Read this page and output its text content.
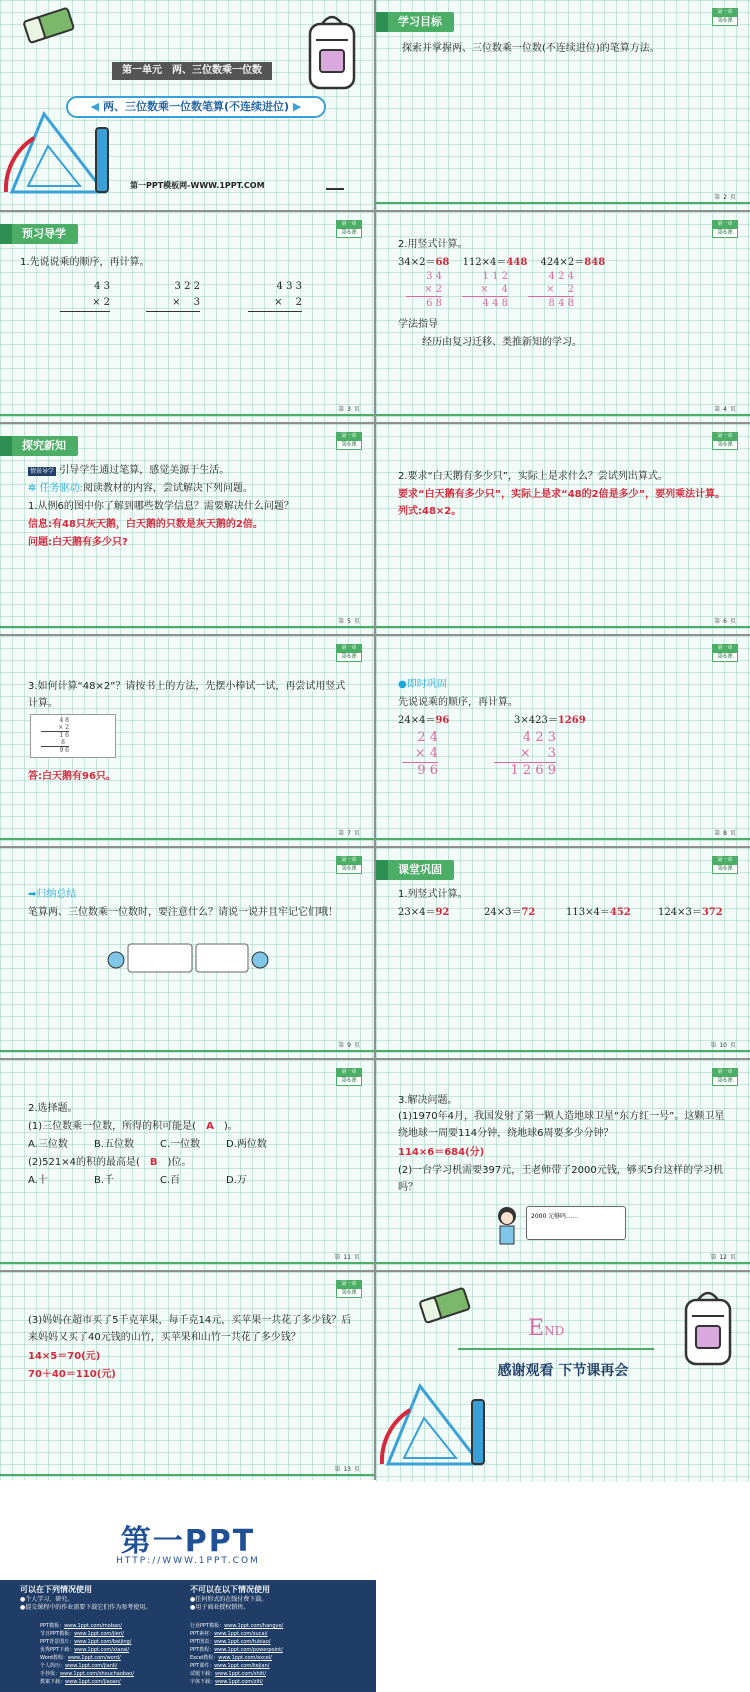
第一单元　两、三位数乘一位数
◀ 两、三位数乘一位数笔算(不连续进位) ▶
第一PPT模板网-WWW.1PPT.COM
学习目标
第一章
第6课
探索并掌握两、三位数乘一位数(不连续进位)的笔算方法。
第 2 页
预习导学
第一章
第6课
1.先说说乘的顺序，再计算。
4 3
× 2
3 2 2
×　 3
4 3 3
×　 2
第 3 页
第一章
第6课
2.用竖式计算。
34×2＝68　 112×4＝448　 424×2＝848
3 4
× 2
6 8
1 1 2
×　 4
4 4 8
4 2 4
×　 2
8 4 8
学法指导
经历由复习迁移、类推新知的学习。
第 4 页
探究新知
第一章
第6课
情景导学 引导学生通过笔算，感觉美源于生活。
✲ 任务驱动:阅读教材的内容，尝试解决下列问题。
1.从例6的图中你了解到哪些数学信息？需要解决什么问题？
信息:有48只灰天鹅，白天鹅的只数是灰天鹅的2倍。
问题:白天鹅有多少只?
第 5 页
第一章
第6课
2.要求“白天鹅有多少只”，实际上是求什么？尝试列出算式。
要求“白天鹅有多少只”，实际上是求“48的2倍是多少”，要列乘法计算。列式:48×2。
第 6 页
第一章
第6课
3.如何计算“48×2”？请按书上的方法，先摆小棒试一试，再尝试用竖式计算。
4 8
× 2
1 6
8
9 6
答:白天鹅有96只。
第 7 页
第一章
第6课
●即时巩固
先说说乘的顺序，再计算。
24×4＝96	3×423＝1269
2 4
× 4
9 6
4 2 3
×　 3
1 2 6 9
第 8 页
第一章
第6课
➡归纳总结
笔算两、三位数乘一位数时，要注意什么？请说一说并且牢记它们哦！
第 9 页
课堂巩固
第一章
第6课
1.列竖式计算。
23×4＝92	24×3＝72	113×4＝452	124×3＝372
第 10 页
第一章
第6课
2.选择题。
(1)三位数乘一位数，所得的积可能是(　A　)。
A.三位数	B.五位数	C.一位数	D.两位数
(2)521×4的积的最高是(　B　)位。
A.十	B.千	C.百	D.万
第 11 页
第一章
第6课
3.解决问题。
(1)1970年4月，我国发射了第一颗人造地球卫星“东方红一号”。这颗卫星绕地球一周要114分钟，绕地球6周要多少分钟？
114×6＝684(分)
(2)一台学习机需要397元，王老师带了2000元钱，够买5台这样的学习机吗？
2000 元够吗……
第 12 页
第一章
第6课
(3)妈妈在超市买了5千克苹果，每千克14元，买苹果一共花了多少钱？后来妈妈又买了40元钱的山竹，买苹果和山竹一共花了多少钱？
14×5＝70(元)
70＋40＝110(元)
第 13 页
END
感谢观看 下节课再会
第一PPT
HTTP://WWW.1PPT.COM
可以在下列情况使用
●个人学习、研究。
●提交课程中的作业需要下载它们作为参考使用。
不可以在以下情况使用
●任何形式的在线付费下载。
●用于商业授权销售。
PPT模板：www.1ppt.com/moban/
节日PPT模板：www.1ppt.com/jieri/
PPT背景图片：www.1ppt.com/beijing/
优秀PPT下载：www.1ppt.com/xiazai/
Word教程：www.1ppt.com/word/
个人简历：www.1ppt.com/jianli/
手抄报：www.1ppt.com/shouchaobao/
教案下载：www.1ppt.com/jiaoan/
行业PPT模板：www.1ppt.com/hangye/
PPT素材：www.1ppt.com/sucai/
PPT图表：www.1ppt.com/tubiao/
PPT教程：www.1ppt.com/powerpoint/
Excel教程：www.1ppt.com/excel/
PPT课件：www.1ppt.com/kejian/
试题下载：www.1ppt.com/shiti/
字体下载：www.1ppt.com/ziti/
